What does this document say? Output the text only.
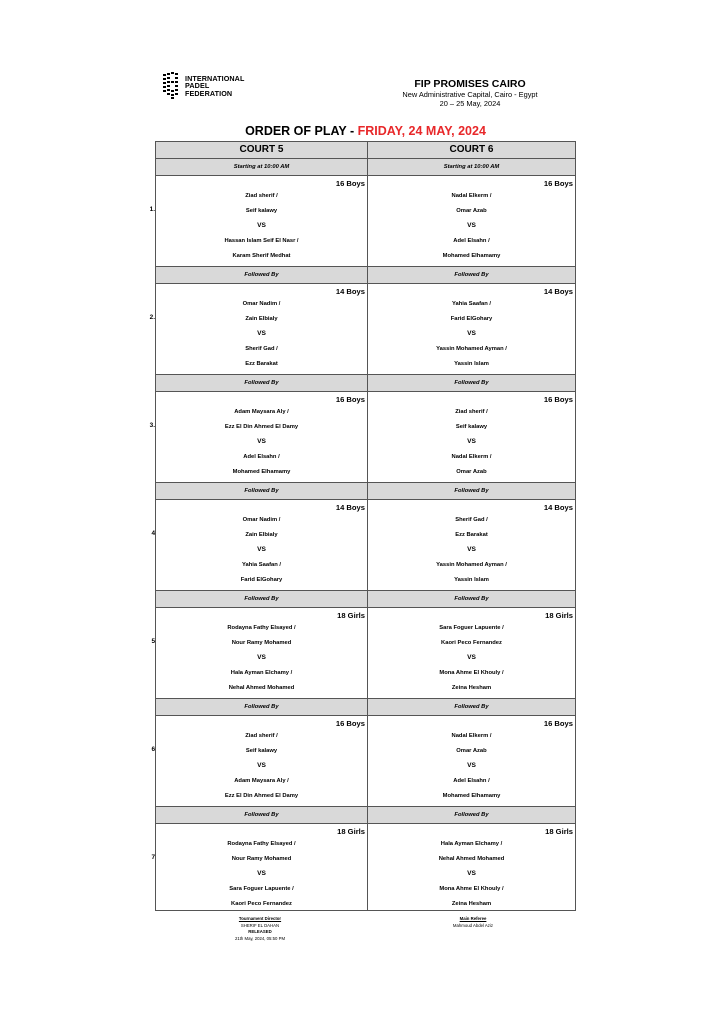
INTERNATIONAL
PADEL
FEDERATION
FIP PROMISES CAIRO
New Administrative Capital, Cairo - Egypt
20 – 25 May, 2024
ORDER OF PLAY - FRIDAY, 24 MAY, 2024
COURT 5	COURT 6
Starting at 10:00 AM	Starting at 10:00 AM
16 Boys
Ziad sherif /
Seif kalawy
VS
Hassan Islam Seif El Nasr /
Karam Sherif Medhat
Followed By
16 Boys
Nadal Elkerm /
Omar Azab
VS
Adel Elsahn /
Mohamed Elhamamy
Followed By
14 Boys
Omar Nadim /
Zain Elbialy
VS
Sherif Gad /
Ezz Barakat
Followed By
14 Boys
Yahia Saafan /
Farid ElGohary
VS
Yassin Mohamed Ayman /
Yassin Islam
Followed By
16 Boys
Adam Maysara Aly /
Ezz El Din Ahmed El Damy
VS
Adel Elsahn /
Mohamed Elhamamy
Followed By
16 Boys
Ziad sherif /
Seif kalawy
VS
Nadal Elkerm /
Omar Azab
Followed By
14 Boys
Omar Nadim /
Zain Elbialy
VS
Yahia Saafan /
Farid ElGohary
Followed By
14 Boys
Sherif Gad /
Ezz Barakat
VS
Yassin Mohamed Ayman /
Yassin Islam
Followed By
18 Girls
Rodayna Fathy Elsayed /
Nour Ramy Mohamed
VS
Hala Ayman Elchamy /
Nehal Ahmed Mohamed
Followed By
18 Girls
Sara Foguer Lapuente /
Kaori Peco Fernandez
VS
Mona Ahme El Khouly /
Zeina Hesham
Followed By
16 Boys
Ziad sherif /
Seif kalawy
VS
Adam Maysara Aly /
Ezz El Din Ahmed El Damy
Followed By
16 Boys
Nadal Elkerm /
Omar Azab
VS
Adel Elsahn /
Mohamed Elhamamy
Followed By
18 Girls
Rodayna Fathy Elsayed /
Nour Ramy Mohamed
VS
Sara Foguer Lapuente /
Kaori Peco Fernandez
18 Girls
Hala Ayman Elchamy /
Nehal Ahmed Mohamed
VS
Mona Ahme El Khouly /
Zeina Hesham
1.
2.
3.
4
5
6
7
Tournament Director
SHERIF EL DAHAN
RELEASED
21th May, 2024, 05:50 PM
Main Referee
Mahmoud Abdel Aziz
